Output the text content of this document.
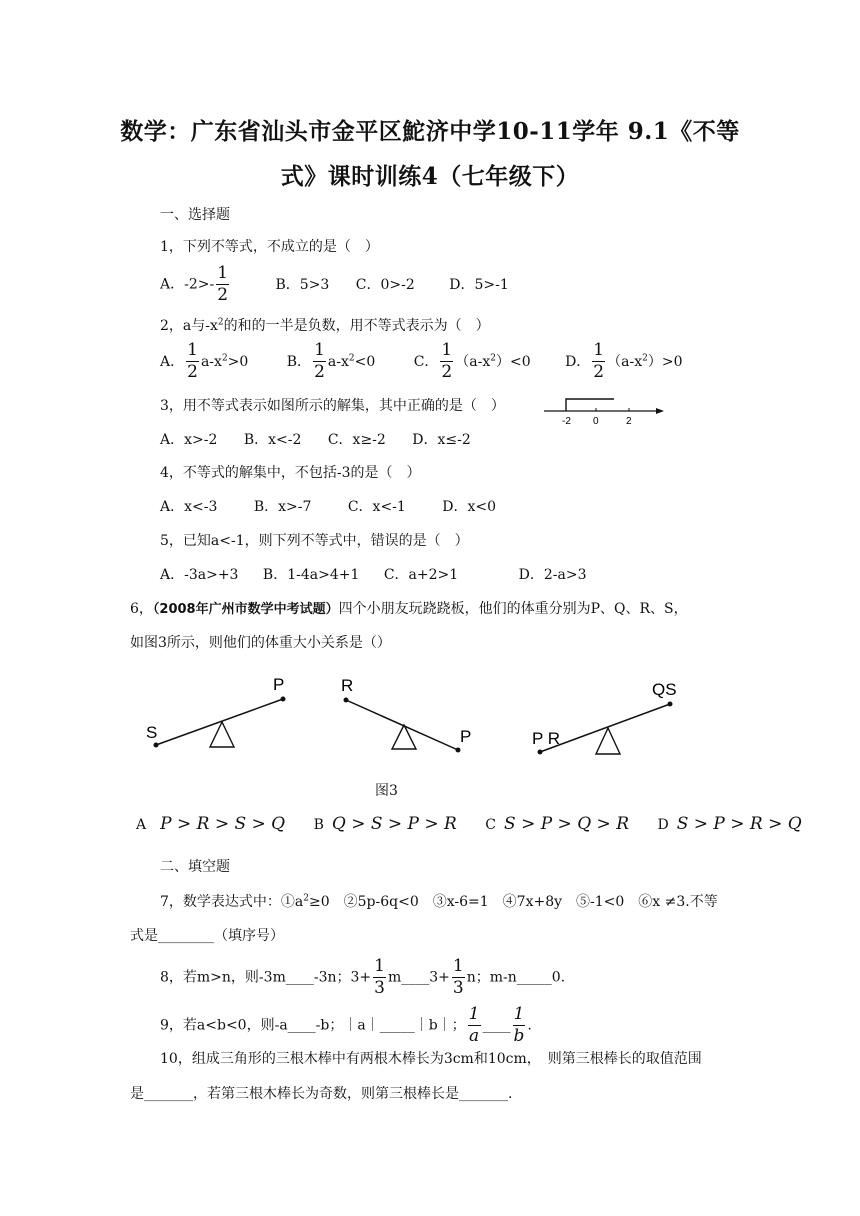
数学：广东省汕头市金平区鮀济中学10-11学年 9.1《不等
式》课时训练4（七年级下）
一、选择题
1，下列不等式，不成立的是（　）
A．$-2>- \frac{1}{2}$	B．5>3 C．0>-2 D．5>-1
2，a与$-x^2$的和的一半是负数，用不等式表示为（　）
A． $\frac{1}{2} a-x^2>0$	B． $\frac{1}{2} a-x^2<0$	C． $\frac{1}{2} (a-x^2)<0$ D． $\frac{1}{2} (a-x^2)>0$
3，用不等式表示如图所示的解集，其中正确的是（　）
-2 0	2
A．x>-2 B．x<-2 C．x≥-2 D．x≤-2
4，不等式的解集中，不包括-3的是（　）
A．x<-3	B．x>-7	C．x<-1	D．x<0
5，已知a<-1，则下列不等式中，错误的是（　）
A．-3a>+3 B．1-4a>4+1 C．a+2>1	D．2-a>3
6，（2008年广州市数学中考试题）四个小朋友玩跷跷板，他们的体重分别为P、Q、R、S，
如图3所示，则他们的体重大小关系是（）
S
P	R
P	P R
QS
图3
A P > R > S > Q B Q > S > P > R C S > P > Q > R D S > P > R > Q
二、填空题
7，数学表达式中：$①a^2\ge 0$　②5p-6q<0　③x-6=1　④7x+8y　⑤-1<0　⑥x ≠3.不等
式是________（填序号）
8，若m>n，则-3m____-3n；$3+ \frac{1}{3}$ m____3+ $\frac{1}{3}$ n；m-n_____0.
9，若a<b<0，则-a____-b；｜a｜_____｜b｜； $\frac{1}{a}$ ____ $\frac{1}{b}$ .
10，组成三角形的三根木棒中有两根木棒长为3cm和10cm，　则第三根棒长的取值范围
是_______，若第三根木棒长为奇数，则第三根棒长是_______.
